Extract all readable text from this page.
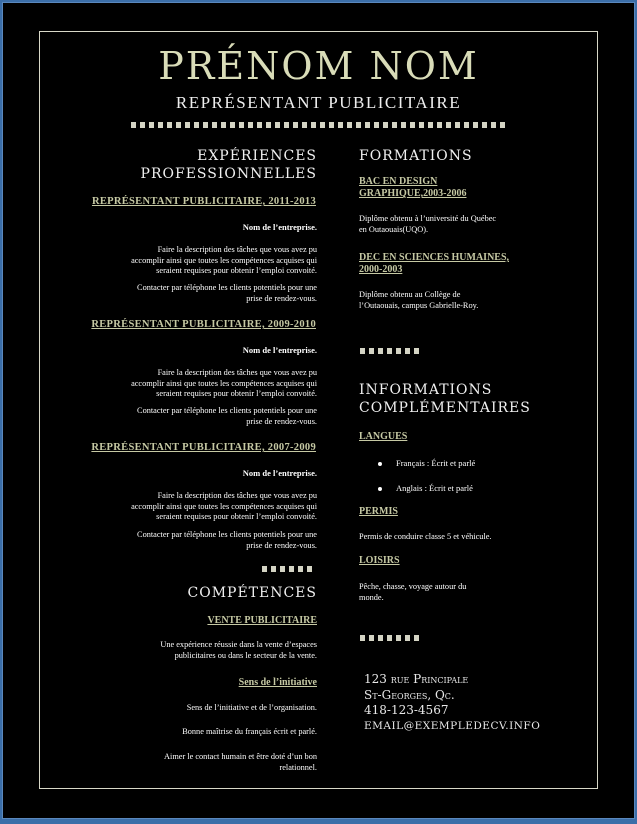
PRÉNOM NOM
REPRÉSENTANT PUBLICITAIRE
EXPÉRIENCES
PROFESSIONNELLES
REPRÉSENTANT PUBLICITAIRE, 2011-2013
Nom de l’entreprise.
Faire la description des tâches que vous avez pu
accomplir ainsi que toutes les compétences acquises qui
seraient requises pour obtenir l’emploi convoité.
Contacter par téléphone les clients potentiels pour une
prise de rendez-vous.
REPRÉSENTANT PUBLICITAIRE, 2009-2010
Nom de l’entreprise.
Faire la description des tâches que vous avez pu
accomplir ainsi que toutes les compétences acquises qui
seraient requises pour obtenir l’emploi convoité.
Contacter par téléphone les clients potentiels pour une
prise de rendez-vous.
REPRÉSENTANT PUBLICITAIRE, 2007-2009
Nom de l’entreprise.
Faire la description des tâches que vous avez pu
accomplir ainsi que toutes les compétences acquises qui
seraient requises pour obtenir l’emploi convoité.
Contacter par téléphone les clients potentiels pour une
prise de rendez-vous.
COMPÉTENCES
VENTE PUBLICITAIRE
Une expérience réussie dans la vente d’espaces
publicitaires ou dans le secteur de la vente.
Sens de l’initiative
Sens de l’initiative et de l’organisation.
Bonne maîtrise du français écrit et parlé.
Aimer le contact humain et être doté d’un bon
relationnel.
FORMATIONS
BAC EN DESIGN
GRAPHIQUE,2003-2006
Diplôme obtenu à l’université du Québec
en Outaouais(UQO).
DEC EN SCIENCES HUMAINES,
2000-2003
Diplôme obtenu au Collège de
l’Outaouais, campus Gabrielle-Roy.
INFORMATIONS
COMPLÉMENTAIRES
LANGUES
Français : Écrit et parlé
Anglais : Écrit et parlé
PERMIS
Permis de conduire classe 5 et véhicule.
LOISIRS
Pêche, chasse, voyage autour du
monde.
123 rue Principale
St-Georges, Qc.
418-123-4567
EMAIL@EXEMPLEDECV.INFO
